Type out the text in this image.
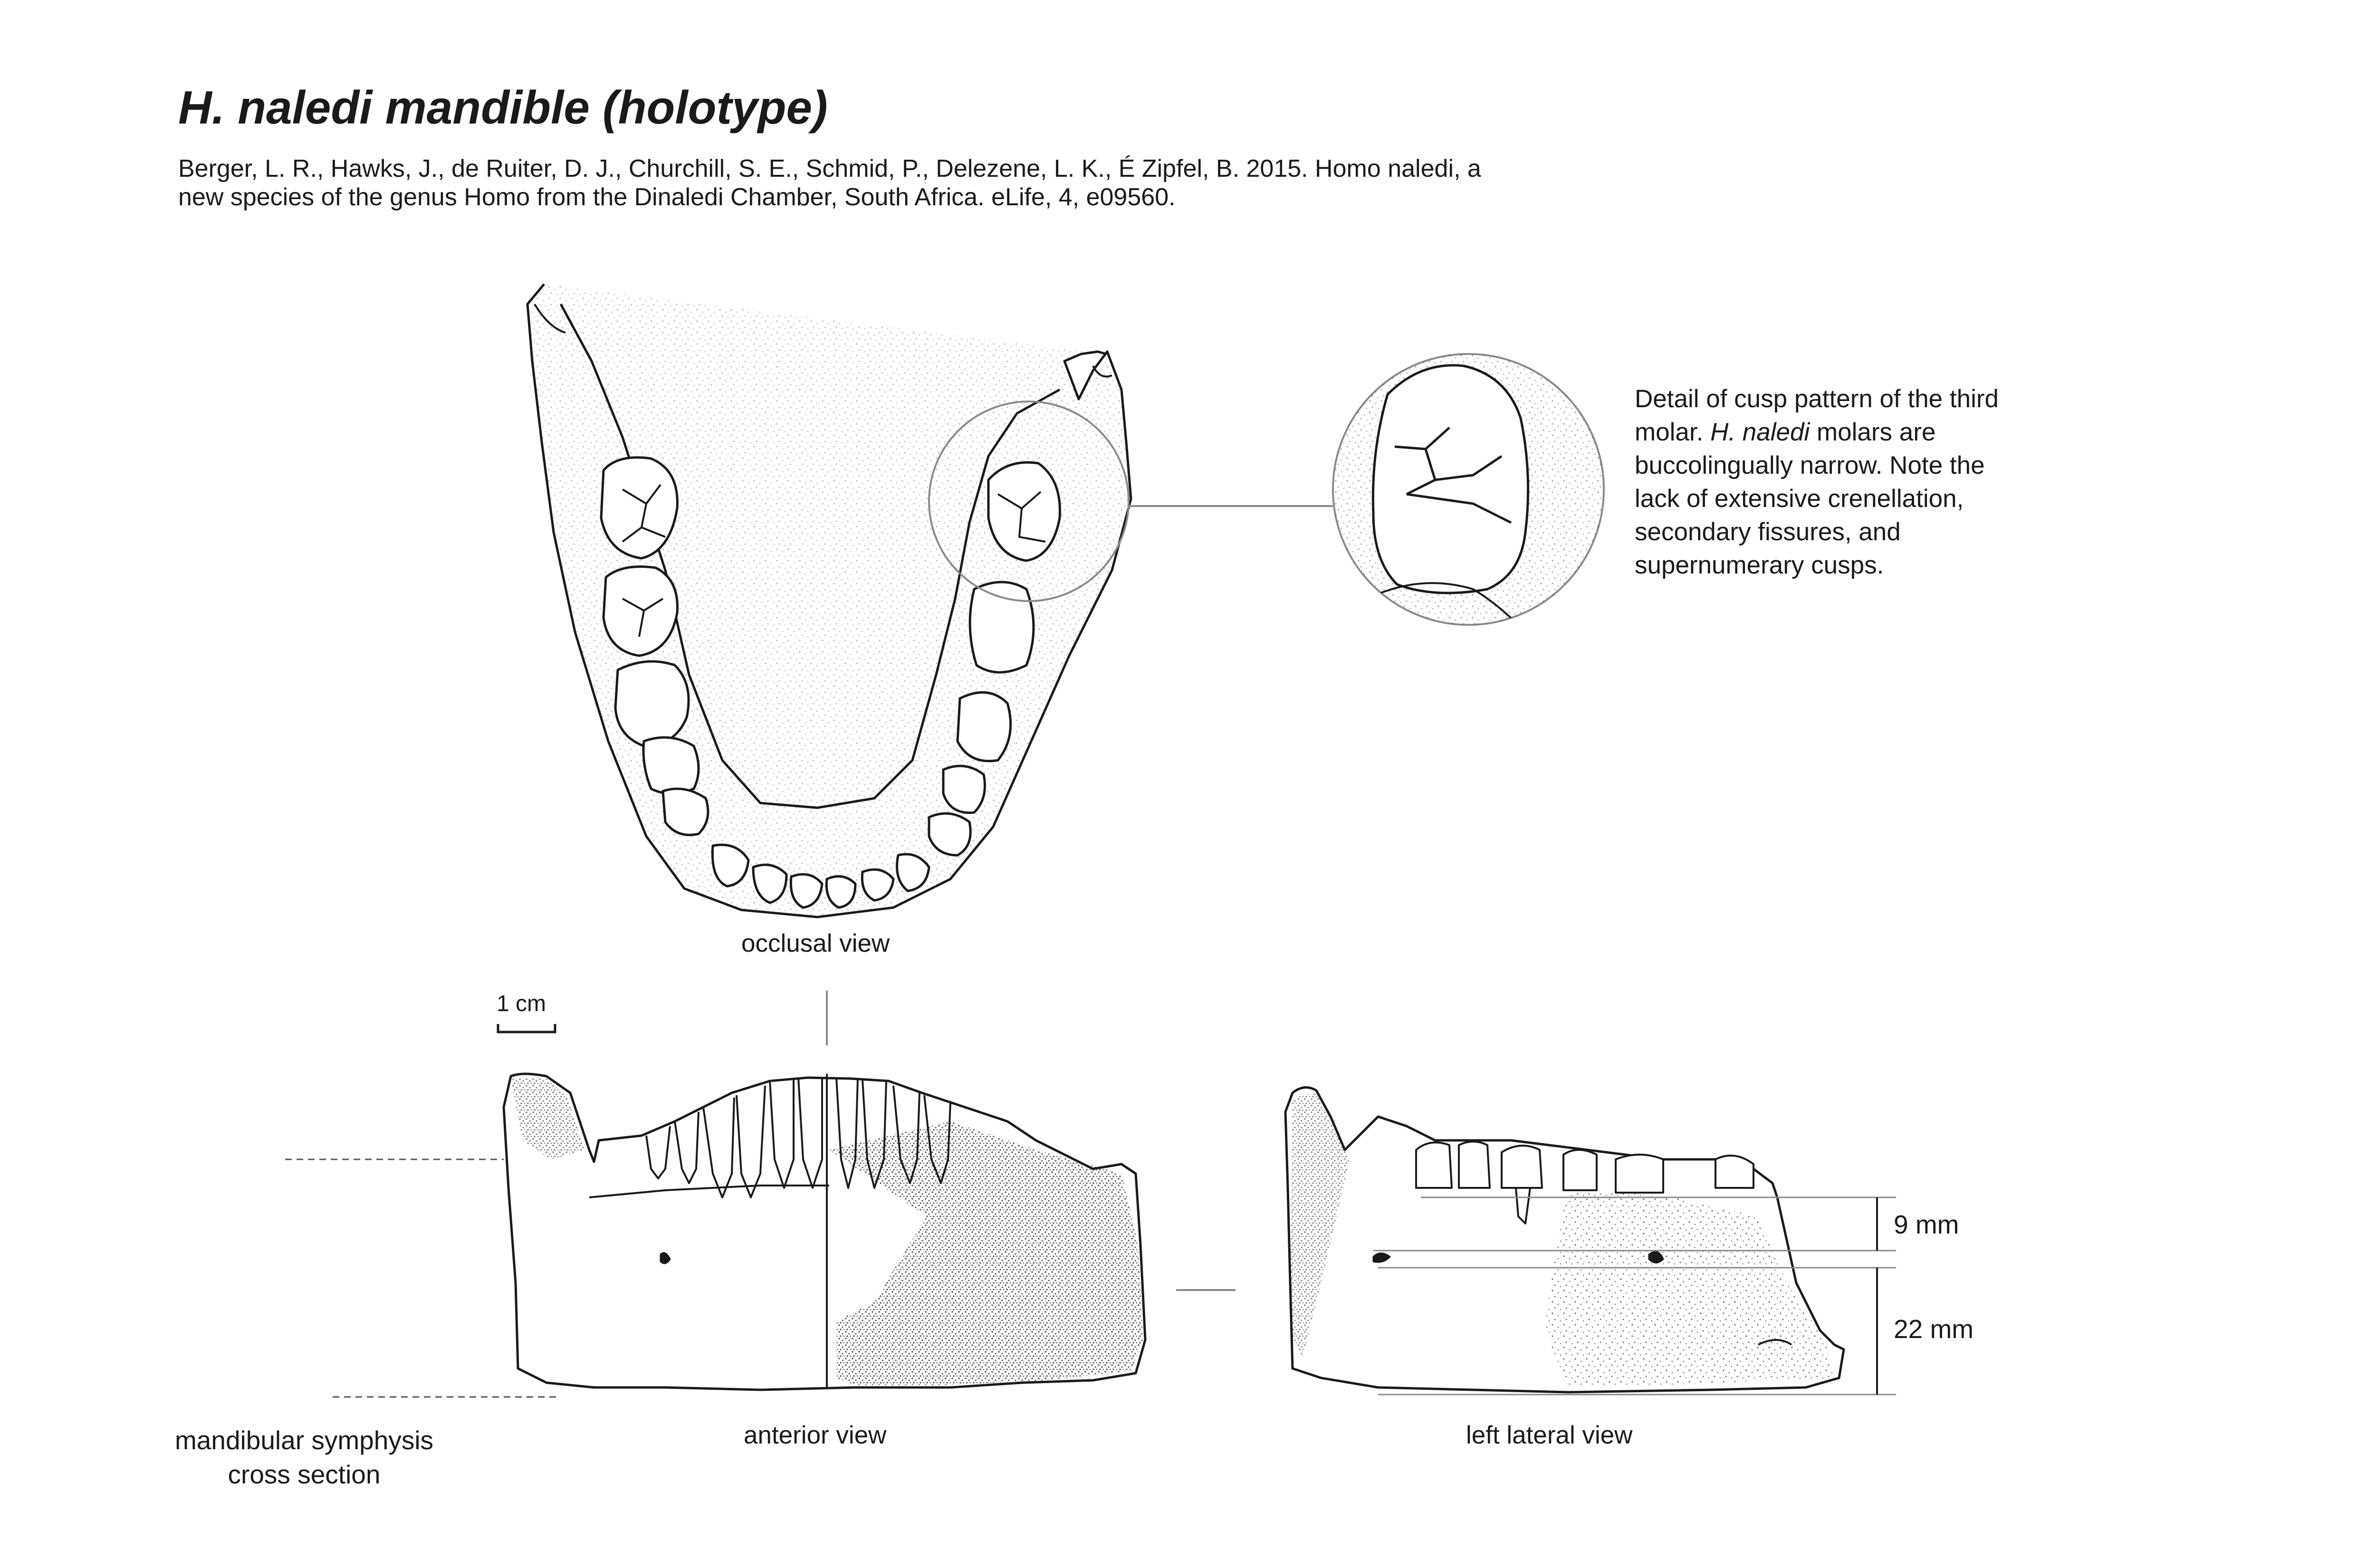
H. naledi mandible (holotype)
Berger, L. R., Hawks, J., de Ruiter, D. J., Churchill, S. E., Schmid, P., Delezene, L. K., É Zipfel, B. 2015. Homo naledi, a
new species of the genus Homo from the Dinaledi Chamber, South Africa. eLife, 4, e09560.
Detail of cusp pattern of the third
molar. H. naledi molars are
buccolingually narrow. Note the
lack of extensive crenellation,
secondary fissures, and
supernumerary cusps.
occlusal view
1 cm
anterior view	left lateral view
mandibular symphysis
cross section
9 mm
22 mm
